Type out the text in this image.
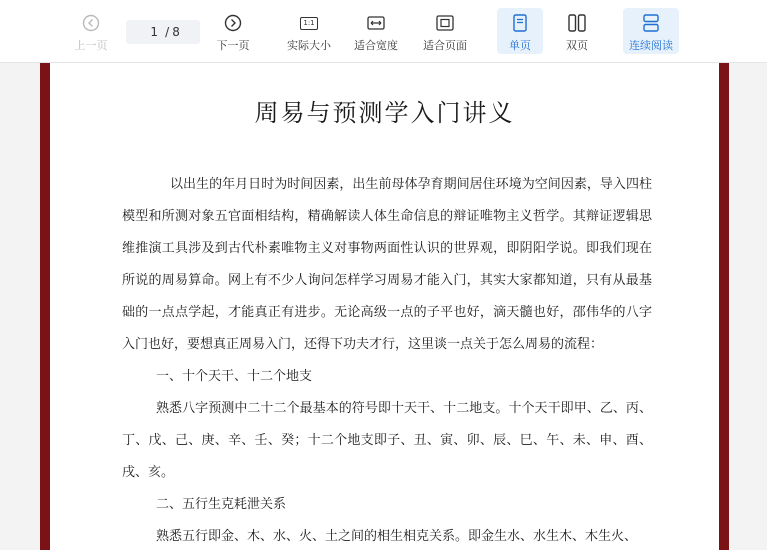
上一页
1
/ 8
下一页
1:1
实际大小 适合宽度 适合页面	单页	双页	连续阅读
周易与预测学入门讲义

以出生的年月日时为时间因素，出生前母体孕育期间居住环境为空间因素，导入四柱模型和所测对象五官面相结构，精确解读人体生命信息的辩证唯物主义哲学。其辩证逻辑思维推演工具涉及到古代朴素唯物主义对事物两面性认识的世界观，即阴阳学说。即我们现在所说的周易算命。网上有不少人询问怎样学习周易才能入门，其实大家都知道，只有从最基础的一点点学起，才能真正有进步。无论高级一点的子平也好，滴天髓也好，邵伟华的八字入门也好，要想真正周易入门，还得下功夫才行，这里谈一点关于怎么周易的流程：

一、十个天干、十二个地支

熟悉八字预测中二十二个最基本的符号即十天干、十二地支。十个天干即甲、乙、丙、丁、戊、己、庚、辛、壬、癸；十二个地支即子、丑、寅、卯、辰、巳、午、未、申、酉、戌、亥。

二、五行生克耗泄关系

熟悉五行即金、木、水、火、土之间的相生相克关系。即金生水、水生木、木生火、
